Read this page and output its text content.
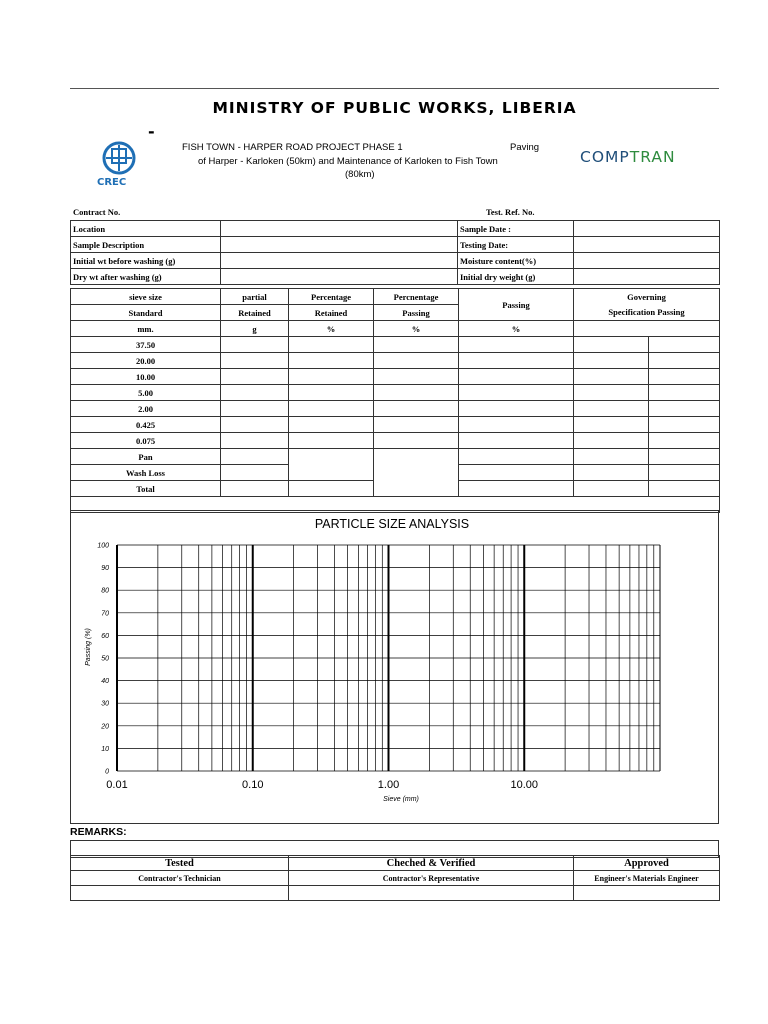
MINISTRY OF PUBLIC WORKS, LIBERIA
-
CREC
FISH TOWN - HARPER ROAD PROJECT PHASE 1	Paving
of Harper - Karloken (50km) and Maintenance of Karloken to Fish Town
(80km)
COMPTRAN
Contract No.	Test. Ref. No.
Location		Sample Date :	
Sample Description		Testing Date:	
Initial wt before washing (g)		Moisture content(%)	
Dry wt after washing (g)		Initial dry weight (g)	
sieve size	partial	Percentage	Percnentage	Passing	Governing	
Standard	Retained	Retained	Passing		Specification Passing	
mm.	g	%	%	%		
37.50						
20.00						
10.00						
5.00						
2.00						
0.425						
0.075						
Pan						
Wash Loss						
Total						

PARTICLE SIZE ANALYSIS
0
10
20
30
40
50
60
70
80
90
100
0.01	0.10	1.00	10.00
Passing (%)
Sieve (mm)
REMARKS:
Tested	Cheched & Verified	Approved
Contractor's Technician	Contractor's Representative	Engineer's Materials Engineer
